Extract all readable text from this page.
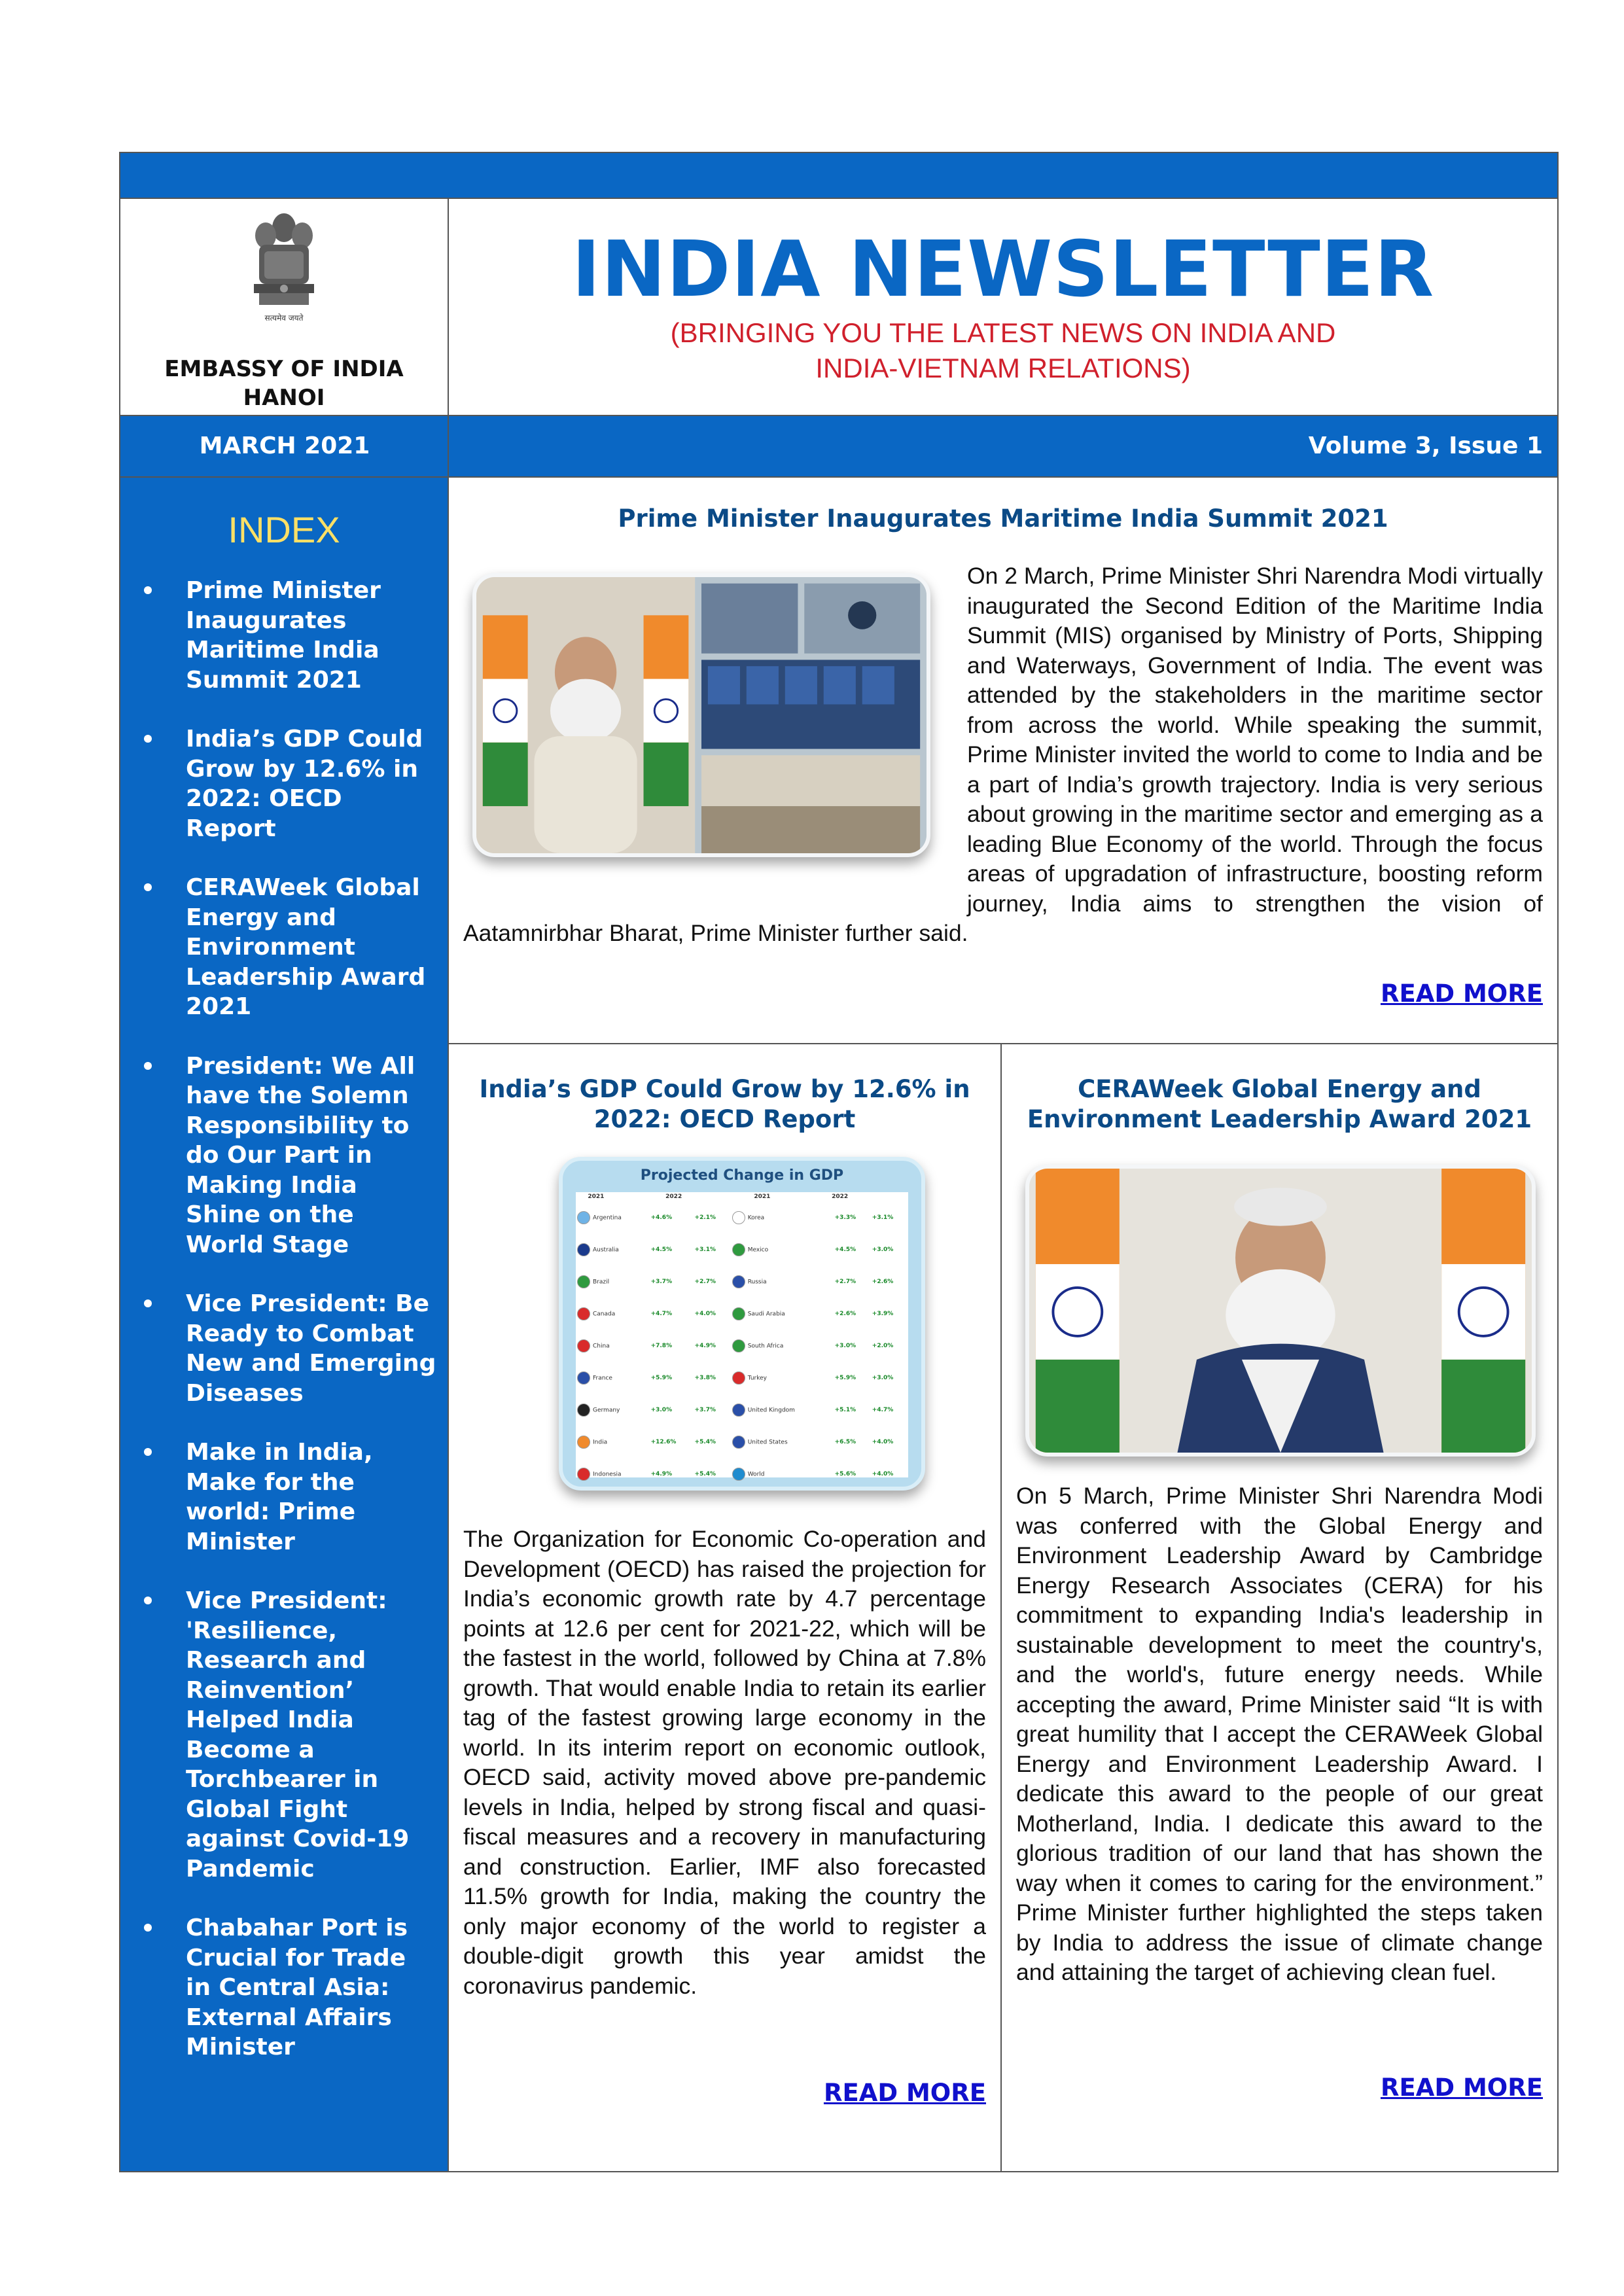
सत्यमेव जयते
EMBASSY OF INDIA
HANOI
INDIA NEWSLETTER
(BRINGING YOU THE LATEST NEWS ON INDIA AND
INDIA-VIETNAM RELATIONS)
MARCH 2021	Volume 3, Issue 1
INDEX
Prime Minister Inaugurates Maritime India Summit 2021
India’s GDP Could Grow by 12.6% in 2022: OECD Report
CERAWeek Global Energy and Environment Leadership Award 2021
President: We All have the Solemn Responsibility to do Our Part in Making India Shine on the World Stage
Vice President: Be Ready to Combat New and Emerging Diseases
Make in India, Make for the world: Prime Minister
Vice President: 'Resilience, Research and Reinvention’ Helped India Become a Torchbearer in Global Fight against Covid-19 Pandemic
Chabahar Port is Crucial for Trade in Central Asia: External Affairs Minister
Prime Minister Inaugurates Maritime India Summit 2021
On 2 March, Prime Minister Shri Narendra Modi virtually inaugurated the Second Edition of the Maritime India Summit (MIS) organised by Ministry of Ports, Shipping and Waterways, Government of India. The event was attended by the stakeholders in the maritime sector from across the world. While speaking the summit, Prime Minister invited the world to come to India and be a part of India’s growth trajectory. India is very serious about growing in the maritime sector and emerging as a leading Blue Economy of the world. Through the focus areas of upgradation of infrastructure, boosting reform journey, India aims to strengthen the vision of Aatamnirbhar Bharat, Prime Minister further said.
READ MORE
India’s GDP Could Grow by 12.6% in 2022: OECD Report
Projected Change in GDP
	2021	2022		2021	2022
Argentina	+4.6%	+2.1%	Korea	+3.3%	+3.1%
Australia	+4.5%	+3.1%	Mexico	+4.5%	+3.0%
Brazil	+3.7%	+2.7%	Russia	+2.7%	+2.6%
Canada	+4.7%	+4.0%	Saudi Arabia	+2.6%	+3.9%
China	+7.8%	+4.9%	South Africa	+3.0%	+2.0%
France	+5.9%	+3.8%	Turkey	+5.9%	+3.0%
Germany	+3.0%	+3.7%	United Kingdom	+5.1%	+4.7%
India	+12.6%	+5.4%	United States	+6.5%	+4.0%
Indonesia	+4.9%	+5.4%	World	+5.6%	+4.0%

The Organization for Economic Co-operation and Development (OECD) has raised the projection for India’s economic growth rate by 4.7 percentage points at 12.6 per cent for 2021-22, which will be the fastest in the world, followed by China at 7.8% growth. That would enable India to retain its earlier tag of the fastest growing large economy in the world. In its interim report on economic outlook, OECD said, activity moved above pre-pandemic levels in India, helped by strong fiscal and quasi-fiscal measures and a recovery in manufacturing and construction. Earlier, IMF also forecasted 11.5% growth for India, making the country the only major economy of the world to register a double-digit growth this year amidst the coronavirus pandemic.
READ MORE
CERAWeek Global Energy and Environment Leadership Award 2021
On 5 March, Prime Minister Shri Narendra Modi was conferred with the Global Energy and Environment Leadership Award by Cambridge Energy Research Associates (CERA) for his commitment to expanding India's leadership in sustainable development to meet the country's, and the world's, future energy needs. While accepting the award, Prime Minister said “It is with great humility that I accept the CERAWeek Global Energy and Environment Leadership Award. I dedicate this award to the people of our great Motherland, India. I dedicate this award to the glorious tradition of our land that has shown the way when it comes to caring for the environment.” Prime Minister further highlighted the steps taken by India to address the issue of climate change and attaining the target of achieving clean fuel.
READ MORE
